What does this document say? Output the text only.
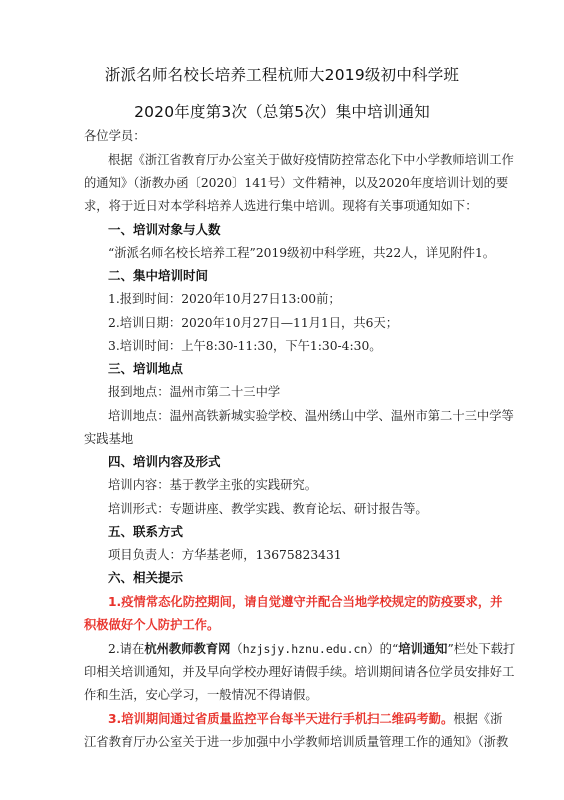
浙派名师名校长培养工程杭师大2019级初中科学班
2020年度第3次（总第5次）集中培训通知
各位学员：
根据《浙江省教育厅办公室关于做好疫情防控常态化下中小学教师培训工作
的通知》（浙教办函〔2020〕141号）文件精神，以及2020年度培训计划的要
求，将于近日对本学科培养人选进行集中培训。现将有关事项通知如下：
一、培训对象与人数
“浙派名师名校长培养工程”2019级初中科学班，共22人，详见附件1。
二、集中培训时间
1.报到时间：2020年10月27日13:00前；
2.培训日期：2020年10月27日—11月1日，共6天；
3.培训时间：上午8:30-11:30，下午1:30-4:30。
三、培训地点
报到地点：温州市第二十三中学
培训地点：温州高铁新城实验学校、温州绣山中学、温州市第二十三中学等
实践基地
四、培训内容及形式
培训内容：基于教学主张的实践研究。
培训形式：专题讲座、教学实践、教育论坛、研讨报告等。
五、联系方式
项目负责人：方华基老师，13675823431
六、相关提示
1.疫情常态化防控期间，请自觉遵守并配合当地学校规定的防疫要求，并
积极做好个人防护工作。
2.请在杭州教师教育网（hzjsjy.hznu.edu.cn）的“培训通知”栏处下载打
印相关培训通知，并及早向学校办理好请假手续。培训期间请各位学员安排好工
作和生活，安心学习，一般情况不得请假。
3.培训期间通过省质量监控平台每半天进行手机扫二维码考勤。根据《浙
江省教育厅办公室关于进一步加强中小学教师培训质量管理工作的通知》（浙教
